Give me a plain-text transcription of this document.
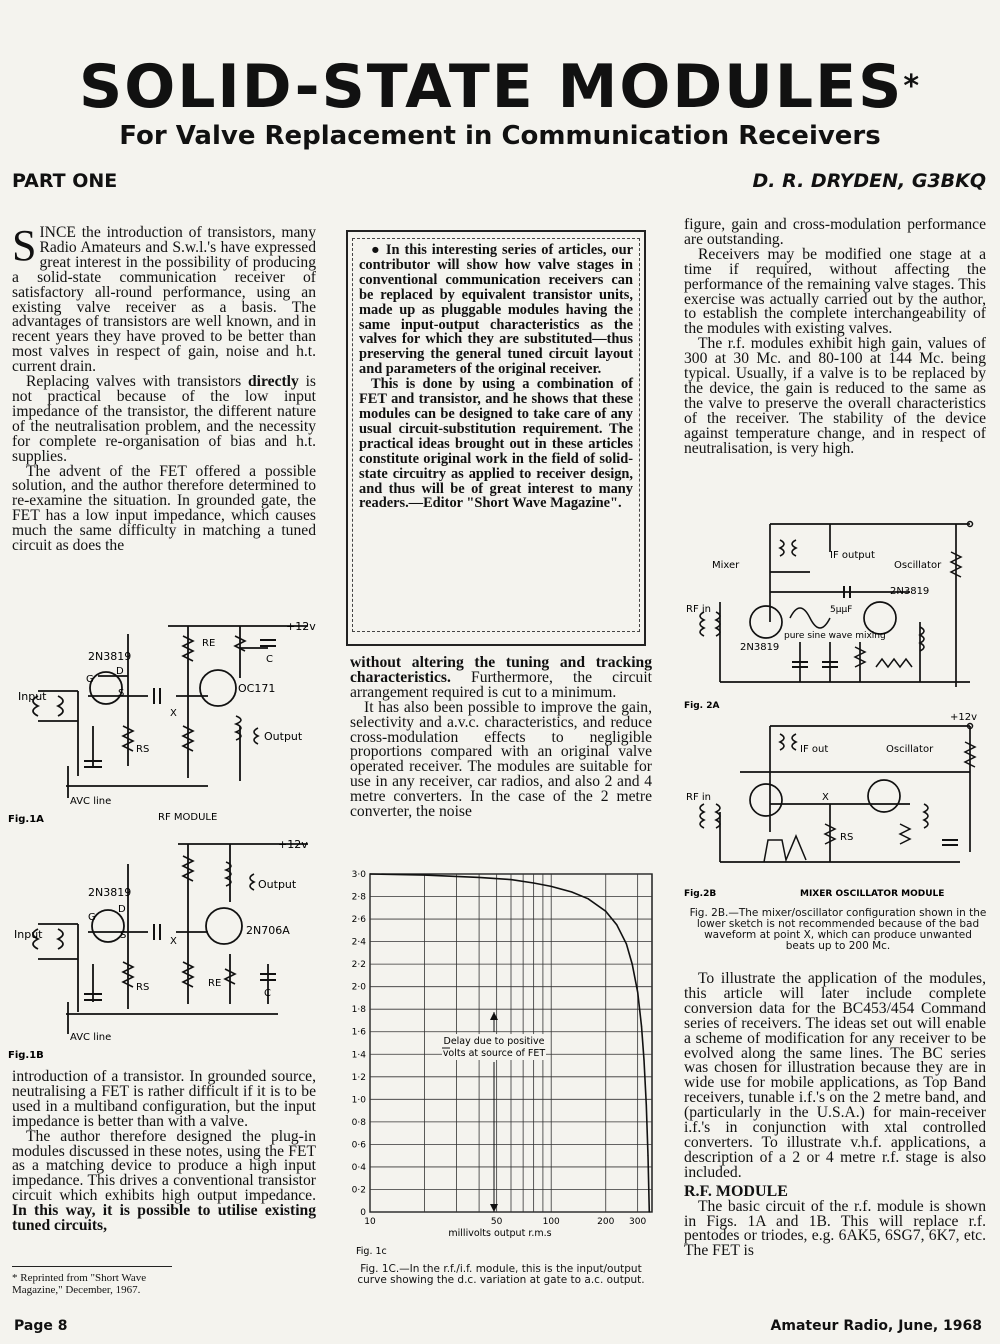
SOLID-STATE MODULES*
For Valve Replacement in Communication Receivers
PART ONE	D. R. DRYDEN, G3BKQ

SINCE the introduction of transistors, many Radio Amateurs and S.w.l.'s have expressed great interest in the possibility of producing a solid-state communication receiver of satisfactory all-round performance, using an existing valve receiver as a basis. The advantages of transistors are well known, and in recent years they have proved to be better than most valves in respect of gain, noise and h.t. current drain.

Replacing valves with transistors directly is not practical because of the low input impedance of the transistor, the different nature of the neutralisation problem, and the necessity for complete re-organisation of bias and h.t. supplies.

The advent of the FET offered a possible solution, and the author therefore determined to re-examine the situation. In grounded gate, the FET has a low input impedance, which causes much the same difficulty in matching a tuned circuit as does the

+12v
2N3819
OC171
Input
Output
AVC line
G
D
S
X
RS
RE
C
Fig.1A	RF MODULE
+12v
2N3819
2N706A
Input
Output
AVC line
G
D
S
X
RS	RE
C
Fig.1B

introduction of a transistor. In grounded source, neutralising a FET is rather difficult if it is to be used in a multiband configuration, but the input impedance is better than with a valve.

The author therefore designed the plug-in modules discussed in these notes, using the FET as a matching device to produce a high input impedance. This drives a conventional transistor circuit which exhibits high output impedance. In this way, it is possible to utilise existing tuned circuits,

* Reprinted from "Short Wave Magazine," December, 1967.

● In this interesting series of articles, our contributor will show how valve stages in conventional communication receivers can be replaced by equivalent transistor units, made up as pluggable modules having the same input-output characteristics as the valves for which they are substituted—thus preserving the general tuned circuit layout and parameters of the original receiver.

This is done by using a combination of FET and transistor, and he shows that these modules can be designed to take care of any usual circuit-substitution requirement. The practical ideas brought out in these articles constitute original work in the field of solid-state circuitry as applied to receiver design, and thus will be of great interest to many readers.—Editor "Short Wave Magazine".

without altering the tuning and tracking characteristics. Furthermore, the circuit arrangement required is cut to a minimum.

It has also been possible to improve the gain, selectivity and a.v.c. characteristics, and reduce cross-modulation effects to negligible proportions compared with an original valve operated receiver. The modules are suitable for use in any receiver, car radios, and also 2 and 4 metre converters. In the case of the 2 metre converter, the noise

0
0·2
0·4
0·6
0·8
1·0
1·2
1·4
1·6
1·8
2·0
2·2
2·4
2·6
2·8
3·0
10	50	100	200 300
Delay due to positive
volts at source of FET
millivolts output r.m.s
Fig. 1c
Fig. 1C.—In the r.f./i.f. module, this is the input/output curve showing the d.c. variation at gate to a.c. output.

figure, gain and cross-modulation performance are outstanding.

Receivers may be modified one stage at a time if required, without affecting the performance of the remaining valve stages. This exercise was actually carried out by the author, to establish the complete interchangeability of the modules with existing valves.

The r.f. modules exhibit high gain, values of 300 at 30 Mc. and 80-100 at 144 Mc. being typical. Usually, if a valve is to be replaced by the device, the gain is reduced to the same as the valve to preserve the overall characteristics of the receiver. The stability of the device against temperature change, and in respect of neutralisation, is very high.

Mixer
IF output
Oscillator
2N3819
2N3819
5μμF
RF in
pure sine wave mixing
Fig. 2A
+12v
IF out	Oscillator
RF in	X
RS
Fig.2B	MIXER OSCILLATOR MODULE
Fig. 2B.—The mixer/oscillator configuration shown in the lower sketch is not recommended because of the bad waveform at point X, which can produce unwanted beats up to 200 Mc.

To illustrate the application of the modules, this article will later include complete conversion data for the BC453/454 Command series of receivers. The ideas set out will enable a scheme of modification for any receiver to be evolved along the same lines. The BC series was chosen for illustration because they are in wide use for mobile applications, as Top Band receivers, tunable i.f.'s on the 2 metre band, and (particularly in the U.S.A.) for main-receiver i.f.'s in conjunction with xtal controlled converters. To illustrate v.h.f. applications, a description of a 2 or 4 metre r.f. stage is also included.

R.F. MODULE

The basic circuit of the r.f. module is shown in Figs. 1A and 1B. This will replace r.f. pentodes or triodes, e.g. 6AK5, 6SG7, 6K7, etc. The FET is

Page 8	Amateur Radio, June, 1968
